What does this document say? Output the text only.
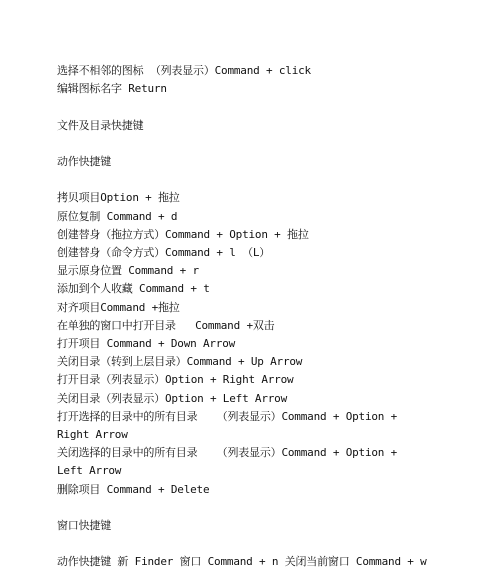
选择不相邻的图标 （列表显示）Command + click
编辑图标名字 Return
文件及目录快捷键
动作快捷键
拷贝项目Option + 拖拉
原位复制 Command + d
创建替身（拖拉方式）Command + Option + 拖拉
创建替身（命令方式）Command + l （L）
显示原身位置 Command + r
添加到个人收藏 Command + t
对齐项目Command +拖拉
在单独的窗口中打开目录   Command +双击
打开项目 Command + Down Arrow
关闭目录（转到上层目录）Command + Up Arrow
打开目录（列表显示）Option + Right Arrow
关闭目录（列表显示）Option + Left Arrow
打开选择的目录中的所有目录   （列表显示）Command + Option +
Right Arrow
关闭选择的目录中的所有目录   （列表显示）Command + Option +
Left Arrow
删除项目 Command + Delete
窗口快捷键
动作快捷键 新 Finder 窗口 Command + n 关闭当前窗口 Command + w
